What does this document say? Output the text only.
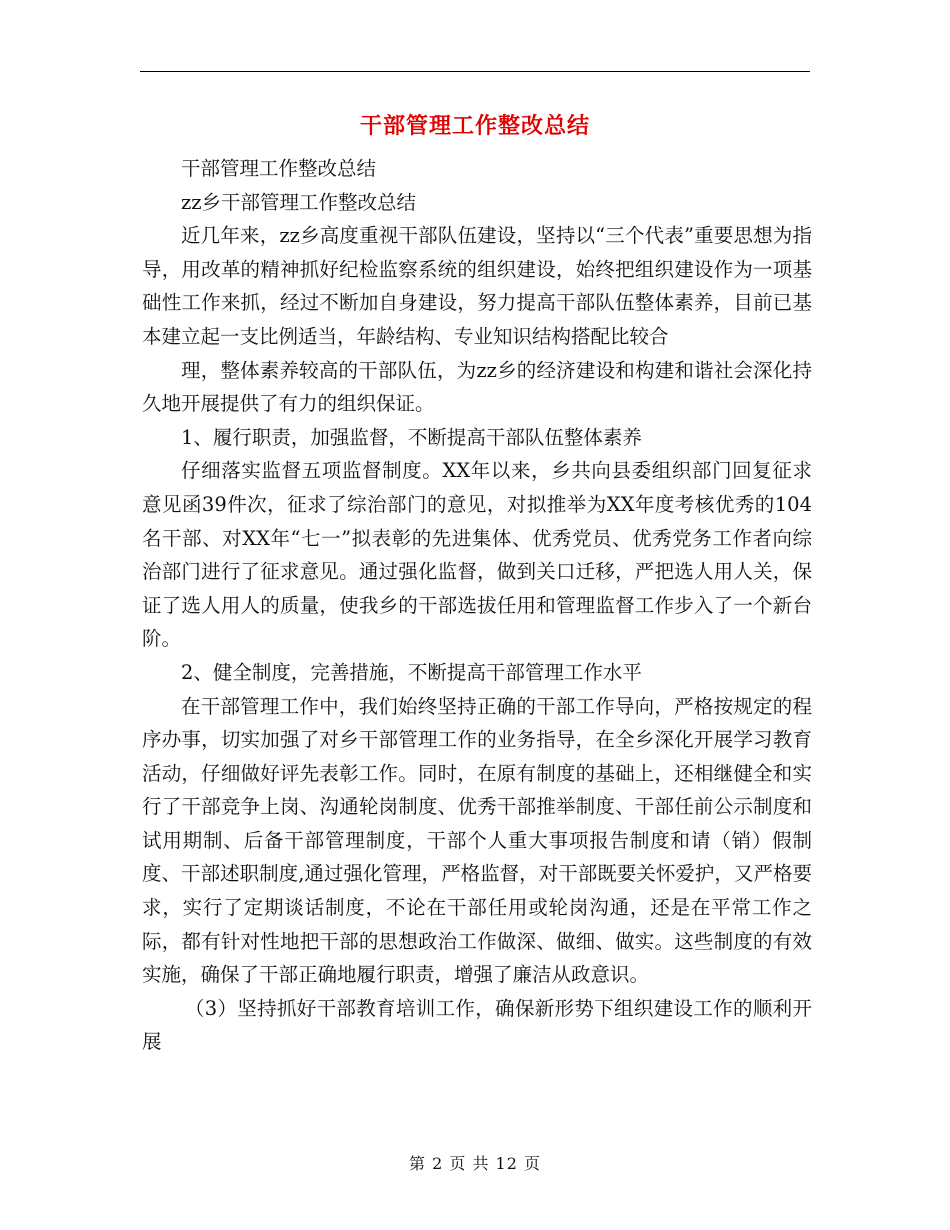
干部管理工作整改总结

干部管理工作整改总结

zz乡干部管理工作整改总结

近几年来，zz乡高度重视干部队伍建设，坚持以“三个代表”重要思想为指导，用改革的精神抓好纪检监察系统的组织建设，始终把组织建设作为一项基础性工作来抓，经过不断加自身建设，努力提高干部队伍整体素养，目前已基本建立起一支比例适当，年龄结构、专业知识结构搭配比较合

理，整体素养较高的干部队伍，为zz乡的经济建设和构建和谐社会深化持久地开展提供了有力的组织保证。

1、履行职责，加强监督，不断提高干部队伍整体素养

仔细落实监督五项监督制度。XX年以来，乡共向县委组织部门回复征求意见函39件次，征求了综治部门的意见，对拟推举为XX年度考核优秀的104名干部、对XX年“七一”拟表彰的先进集体、优秀党员、优秀党务工作者向综治部门进行了征求意见。通过强化监督，做到关口迁移，严把选人用人关，保证了选人用人的质量，使我乡的干部选拔任用和管理监督工作步入了一个新台阶。

2、健全制度，完善措施，不断提高干部管理工作水平

在干部管理工作中，我们始终坚持正确的干部工作导向，严格按规定的程序办事，切实加强了对乡干部管理工作的业务指导，在全乡深化开展学习教育活动，仔细做好评先表彰工作。同时，在原有制度的基础上，还相继健全和实行了干部竞争上岗、沟通轮岗制度、优秀干部推举制度、干部任前公示制度和试用期制、后备干部管理制度，干部个人重大事项报告制度和请（销）假制度、干部述职制度,通过强化管理，严格监督，对干部既要关怀爱护，又严格要求，实行了定期谈话制度，不论在干部任用或轮岗沟通，还是在平常工作之际，都有针对性地把干部的思想政治工作做深、做细、做实。这些制度的有效实施，确保了干部正确地履行职责，增强了廉洁从政意识。

（3）坚持抓好干部教育培训工作，确保新形势下组织建设工作的顺利开展

第 2 页 共 12 页
